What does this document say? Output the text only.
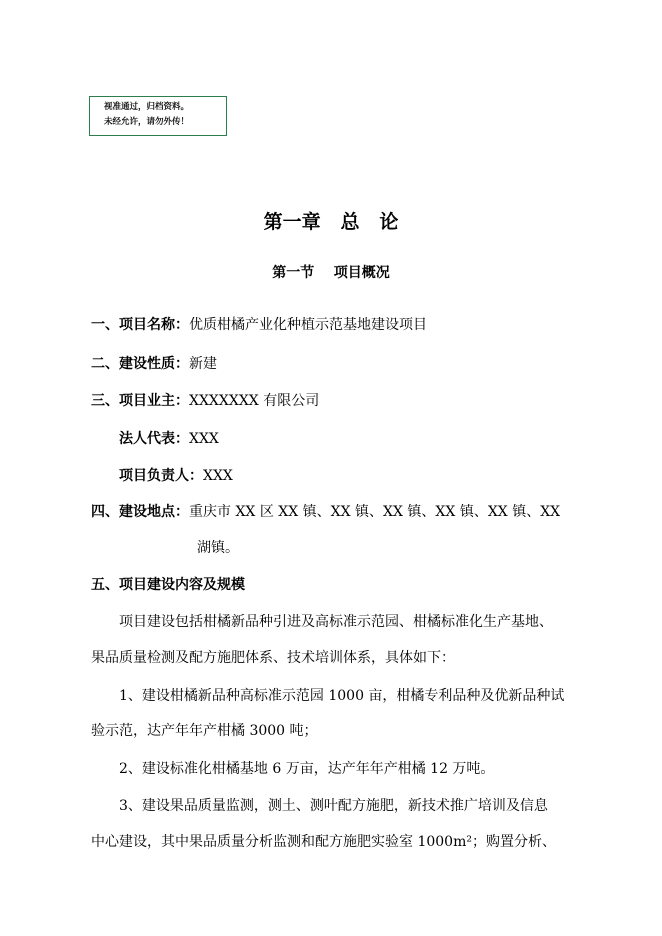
视准通过，归档资料。
未经允许，请勿外传！
第一章   总   论
第一节    项目概况
一、项目名称：优质柑橘产业化种植示范基地建设项目
二、建设性质：新建
三、项目业主：XXXXXXX 有限公司
法人代表：XXX
项目负责人：XXX
四、建设地点：重庆市 XX 区 XX 镇、XX 镇、XX 镇、XX 镇、XX 镇、XX
湖镇。
五、项目建设内容及规模
项目建设包括柑橘新品种引进及高标准示范园、柑橘标准化生产基地、
果品质量检测及配方施肥体系、技术培训体系，具体如下：
1、建设柑橘新品种高标准示范园 1000 亩，柑橘专利品种及优新品种试
验示范，达产年年产柑橘 3000 吨；
2、建设标准化柑橘基地 6 万亩，达产年年产柑橘 12 万吨。
3、建设果品质量监测，测土、测叶配方施肥，新技术推广培训及信息
中心建设，其中果品质量分析监测和配方施肥实验室 1000m²；购置分析、
